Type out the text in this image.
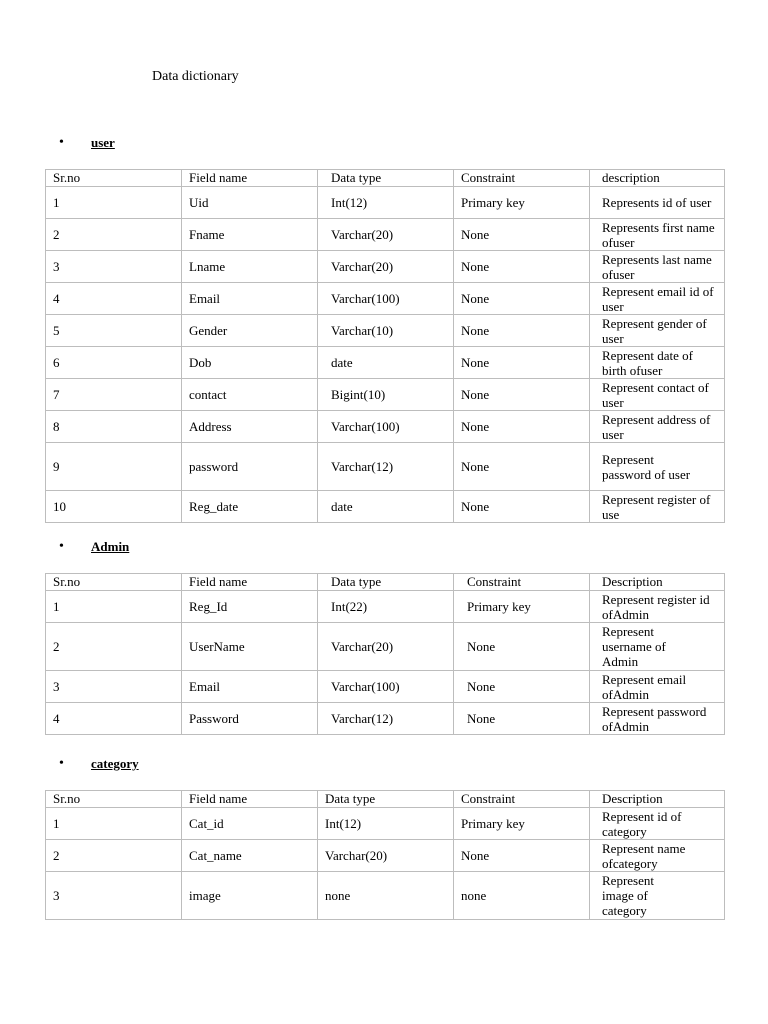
Data dictionary
•	user
Sr.no	Field name	Data type	Constraint	description
1	Uid	Int(12)	Primary key	Represents id of user
2	Fname	Varchar(20)	None	Represents first name ofuser
3	Lname	Varchar(20)	None	Represents last name ofuser
4	Email	Varchar(100)	None	Represent email id of user
5	Gender	Varchar(10)	None	Represent gender of user
6	Dob	date	None	Represent date of birth ofuser
7	contact	Bigint(10)	None	Represent contact of user
8	Address	Varchar(100)	None	Represent address of user
9	password	Varchar(12)	None	Represent password of user

10	Reg_date	date	None	Represent register of use
•	Admin
Sr.no	Field name	Data type	Constraint	Description
1	Reg_Id	Int(22)	Primary key	Represent register id ofAdmin
2	UserName	Varchar(20)	None	Represent username of Admin

3	Email	Varchar(100)	None	Represent email ofAdmin

4	Password	Varchar(12)	None	Represent password ofAdmin
•	category
Sr.no	Field name	Data type	Constraint	Description
1	Cat_id	Int(12)	Primary key	Represent id of category
2	Cat_name	Varchar(20)	None	Represent name ofcategory

3	image	none	none	Represent image of category
